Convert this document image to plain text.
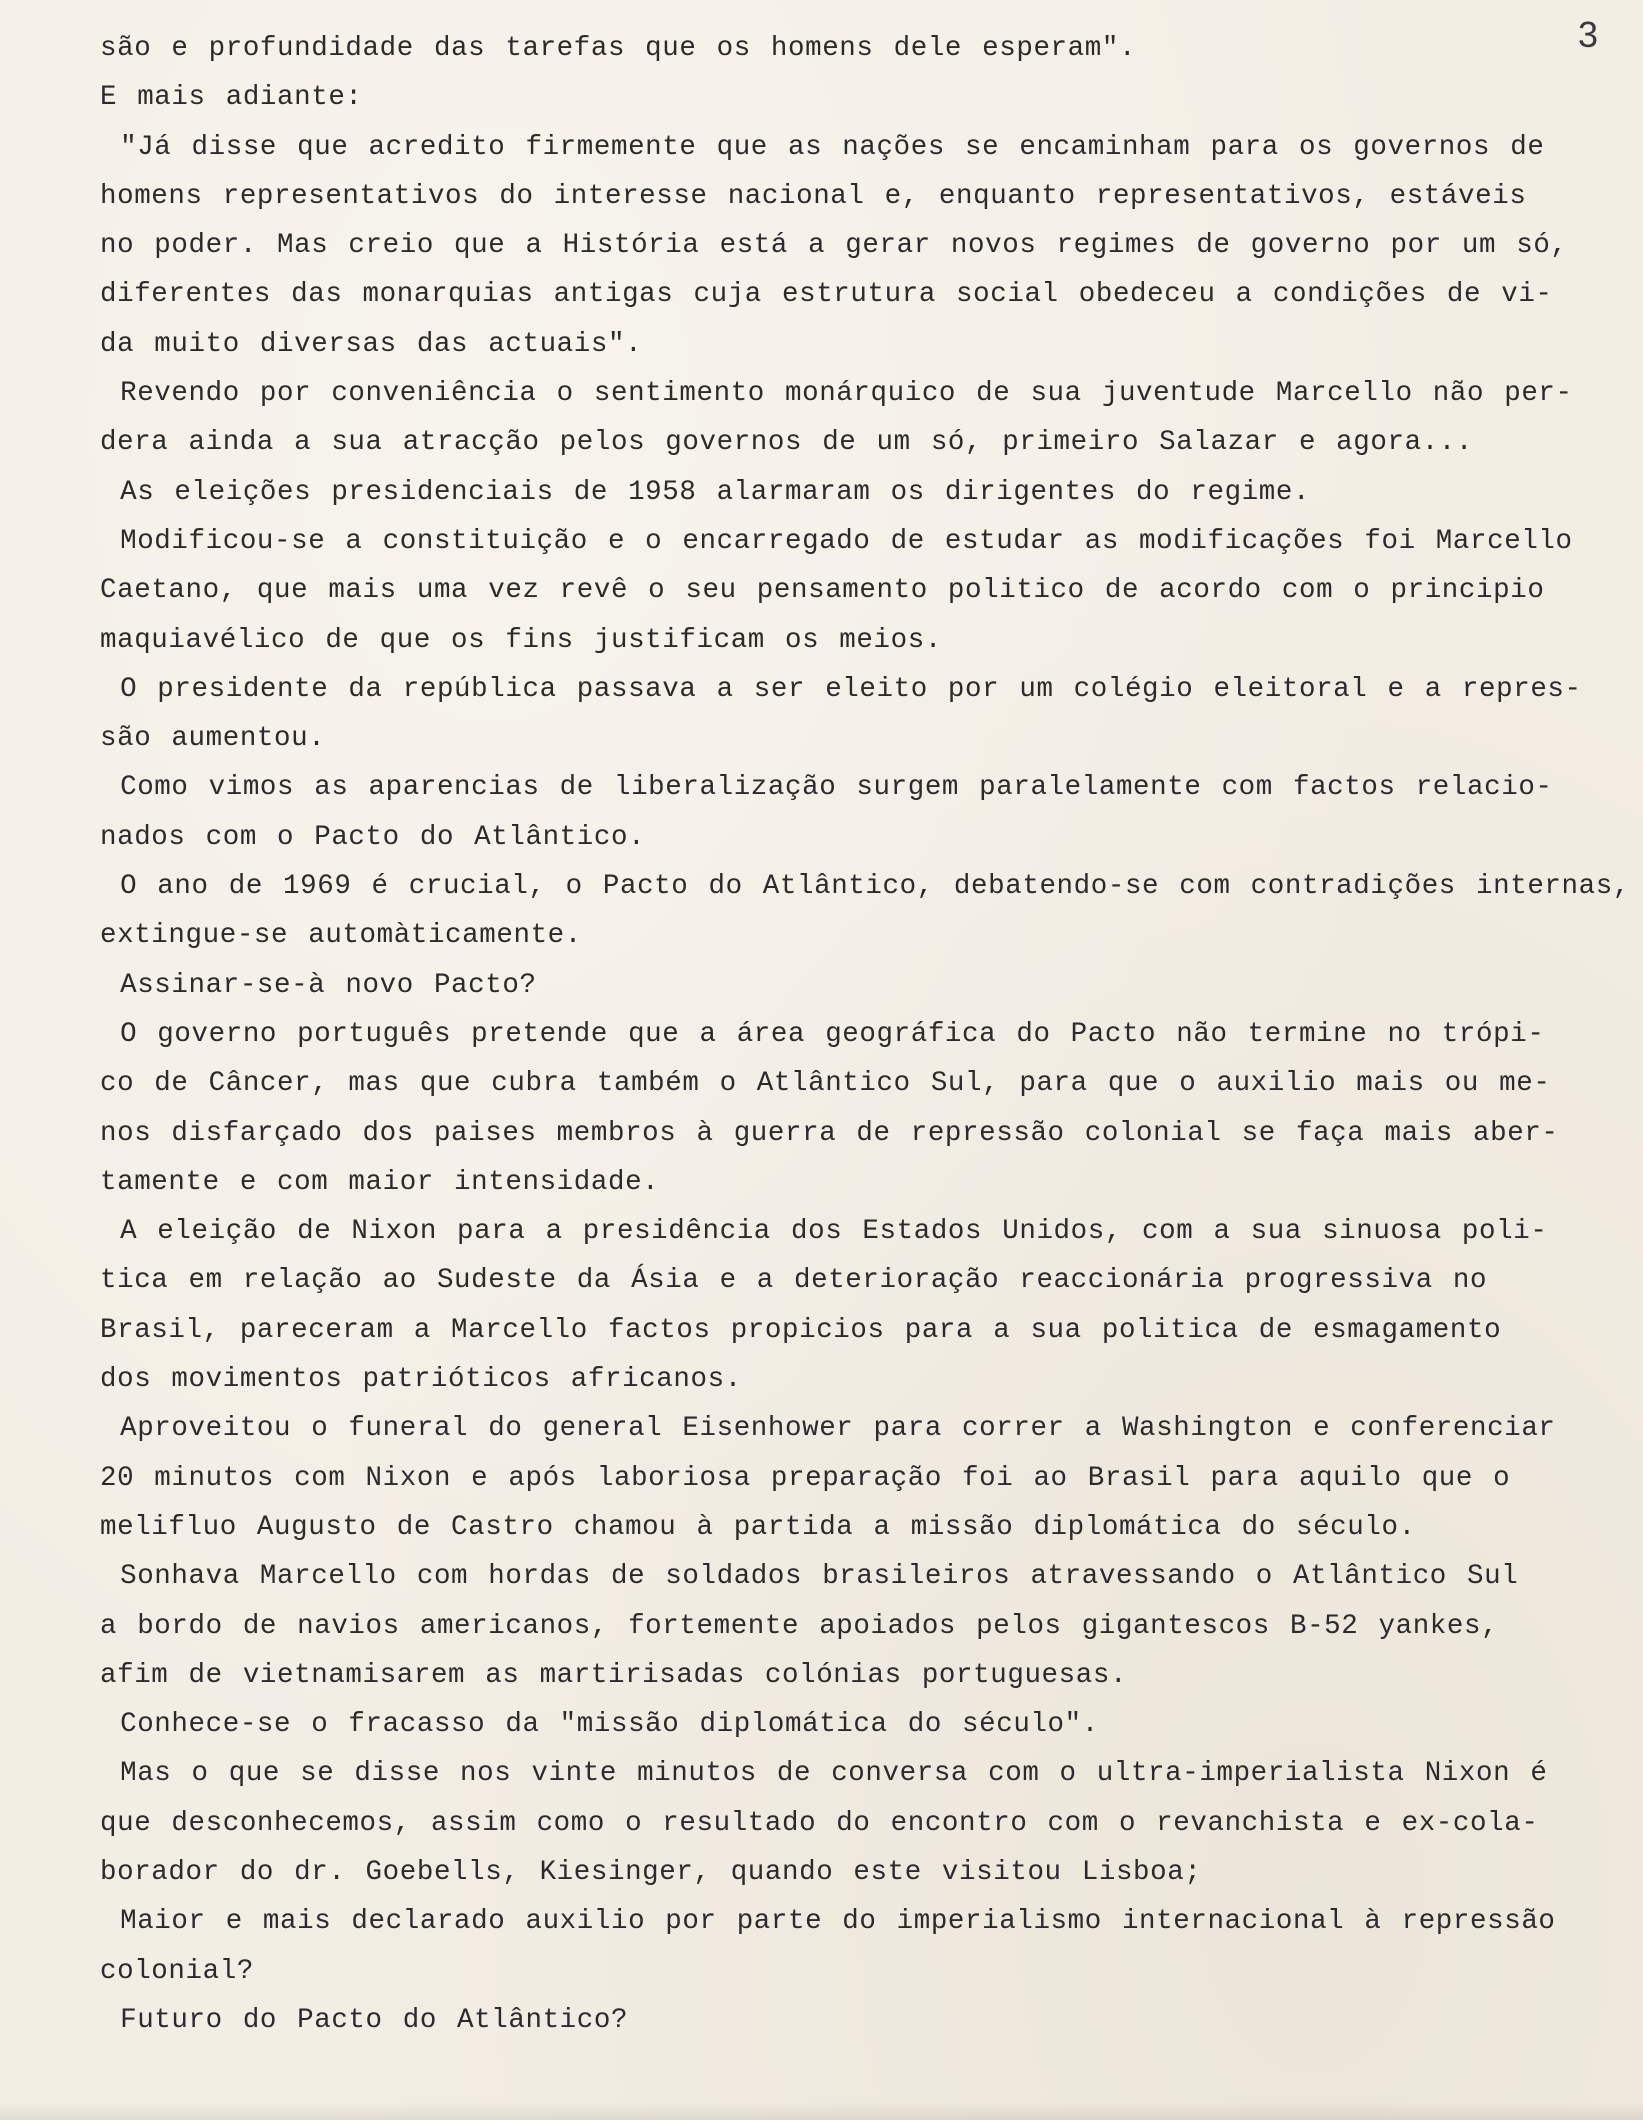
3
são e profundidade das tarefas que os homens dele esperam".
E mais adiante:
"Já disse que acredito firmemente que as nações se encaminham para os governos de
homens representativos do interesse nacional e, enquanto representativos, estáveis
no poder. Mas creio que a História está a gerar novos regimes de governo por um só,
diferentes das monarquias antigas cuja estrutura social obedeceu a condições de vi-
da muito diversas das actuais".
Revendo por conveniência o sentimento monárquico de sua juventude Marcello não per-
dera ainda a sua atracção pelos governos de um só, primeiro Salazar e agora...
As eleições presidenciais de 1958 alarmaram os dirigentes do regime.
Modificou-se a constituição e o encarregado de estudar as modificações foi Marcello
Caetano, que mais uma vez revê o seu pensamento politico de acordo com o principio
maquiavélico de que os fins justificam os meios.
O presidente da república passava a ser eleito por um colégio eleitoral e a repres-
são aumentou.
Como vimos as aparencias de liberalização surgem paralelamente com factos relacio-
nados com o Pacto do Atlântico.
O ano de 1969 é crucial, o Pacto do Atlântico, debatendo-se com contradições internas,
extingue-se automàticamente.
Assinar-se-à novo Pacto?
O governo português pretende que a área geográfica do Pacto não termine no trópi-
co de Câncer, mas que cubra também o Atlântico Sul, para que o auxilio mais ou me-
nos disfarçado dos paises membros à guerra de repressão colonial se faça mais aber-
tamente e com maior intensidade.
A eleição de Nixon para a presidência dos Estados Unidos, com a sua sinuosa poli-
tica em relação ao Sudeste da Ásia e a deterioração reaccionária progressiva no
Brasil, pareceram a Marcello factos propicios para a sua politica de esmagamento
dos movimentos patrióticos africanos.
Aproveitou o funeral do general Eisenhower para correr a Washington e conferenciar
20 minutos com Nixon e após laboriosa preparação foi ao Brasil para aquilo que o
melifluo Augusto de Castro chamou à partida a missão diplomática do século.
Sonhava Marcello com hordas de soldados brasileiros atravessando o Atlântico Sul
a bordo de navios americanos, fortemente apoiados pelos gigantescos B-52 yankes,
afim de vietnamisarem as martirisadas colónias portuguesas.
Conhece-se o fracasso da "missão diplomática do século".
Mas o que se disse nos vinte minutos de conversa com o ultra-imperialista Nixon é
que desconhecemos, assim como o resultado do encontro com o revanchista e ex-cola-
borador do dr. Goebells, Kiesinger, quando este visitou Lisboa;
Maior e mais declarado auxilio por parte do imperialismo internacional à repressão
colonial?
Futuro do Pacto do Atlântico?
